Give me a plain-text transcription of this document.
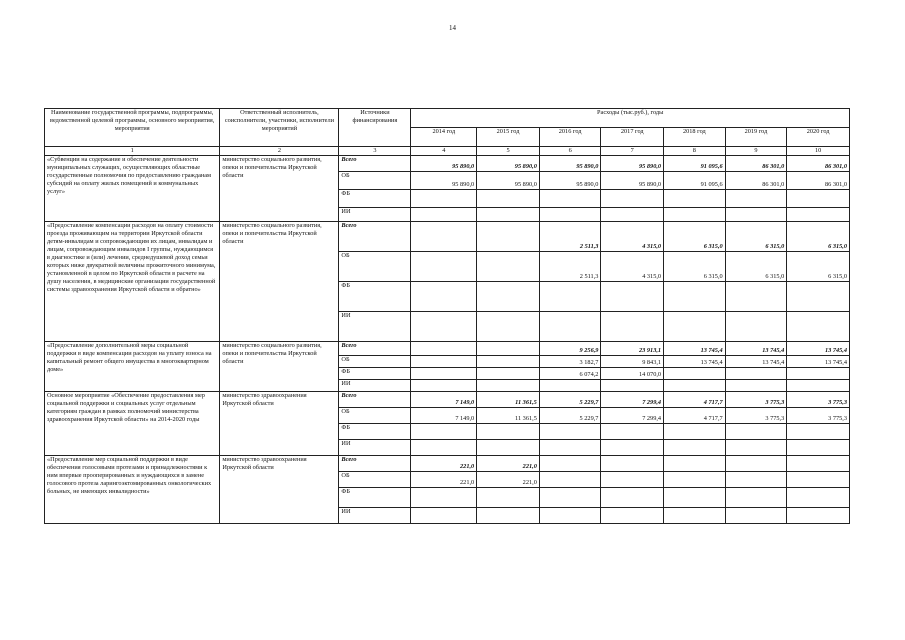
14
Наименование государственной программы, подпрограммы, ведомственной целевой программы, основного мероприятия, мероприятия	Ответственный исполнитель, соисполнители, участники, исполнители мероприятий	Источники финансирования	Расходы (тыс.руб.), годы						
			2014 год	2015 год	2016 год	2017 год	2018 год	2019 год	2020 год
1	2	3	4	5	6	7	8	9	10
«Субвенции на содержание и обеспечение деятельности муниципальных служащих, осуществляющих областные государственные полномочия по предоставлению гражданам субсидий на оплату жилых помещений и коммунальных услуг»	министерство социального развития, опеки и попечительства Иркутской области	Всего	95 890,0	95 890,0	95 890,0	95 890,0	91 095,6	86 301,0	86 301,0
		ОБ	95 890,0	95 890,0	95 890,0	95 890,0	91 095,6	86 301,0	86 301,0
		ФБ							
		ИИ							
«Предоставление компенсации расходов на оплату стоимости проезда проживающим на территории Иркутской области детям-инвалидам и сопровождающим их лицам, инвалидам и лицам, сопровождающим инвалидов I группы, нуждающимся в диагностике и (или) лечении, среднедушевой доход семьи которых ниже двукратной величины прожиточного минимума, установленной в целом по Иркутской области в расчете на душу населения, в медицинские организации государственной системы здравоохранения Иркутской области и обратно»	министерство социального развития, опеки и попечительства Иркутской области	Всего			2 511,3	4 315,0	6 315,0	6 315,0	6 315,0
		ОБ			2 511,3	4 315,0	6 315,0	6 315,0	6 315,0
		ФБ							
		ИИ							
«Предоставление дополнительной меры социальной поддержки в виде компенсации расходов на уплату взноса на капитальный ремонт общего имущества в многоквартирном доме»	министерство социального развития, опеки и попечительства Иркутской области	Всего			9 256,9	23 913,1	13 745,4	13 745,4	13 745,4
		ОБ			3 182,7	9 843,1	13 745,4	13 745,4	13 745,4
		ФБ			6 074,2	14 070,0			
		ИИ							
Основное мероприятие «Обеспечение предоставления мер социальной поддержки и социальных услуг отдельным категориям граждан в рамках полномочий министерства здравоохранения Иркутской области» на 2014-2020 годы	министерство здравоохранения Иркутской области	Всего	7 149,0	11 361,5	5 229,7	7 299,4	4 717,7	3 775,3	3 775,3
		ОБ	7 149,0	11 361,5	5 229,7	7 299,4	4 717,7	3 775,3	3 775,3
		ФБ							
		ИИ							
«Предоставление мер социальной поддержки в виде обеспечения голосовыми протезами и принадлежностями к ним впервые прооперированных и нуждающихся в замене голосового протеза ларингоэктомированных онкологических больных, не имеющих инвалидности»	министерство здравоохранения Иркутской области	Всего	221,0	221,0					
		ОБ	221,0	221,0					
		ФБ							
		ИИ							
